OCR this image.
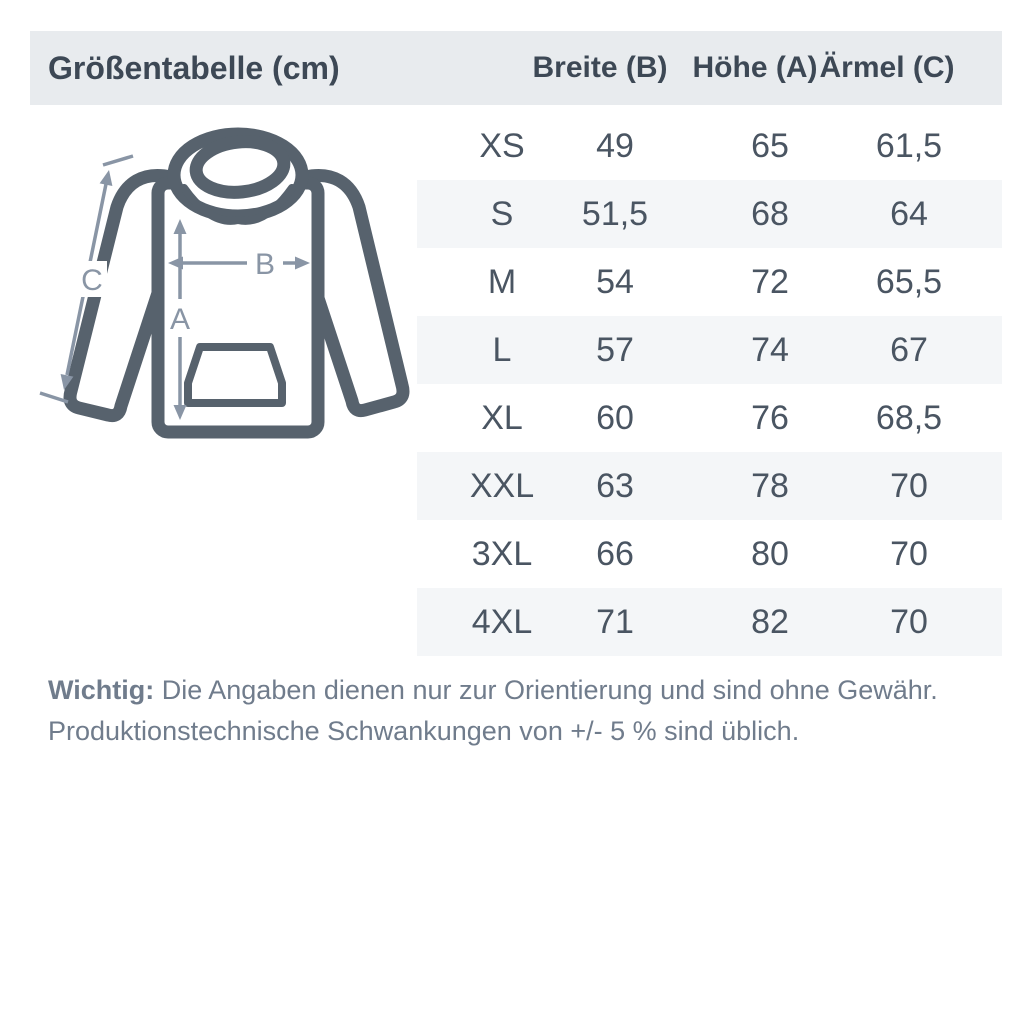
Größentabelle (cm)	Breite (B) Höhe (A) Ärmel (C)
A
B
C
XS 49	65	61,5
S 51,5	68	64
M 54	72	65,5
L 57	74	67
XL 60	76	68,5
XXL 63	78	70
3XL 66	80	70
4XL 71	82	70
Wichtig: Die Angaben dienen nur zur Orientierung und sind ohne Gewähr.
Produktionstechnische Schwankungen von +/- 5 % sind üblich.
